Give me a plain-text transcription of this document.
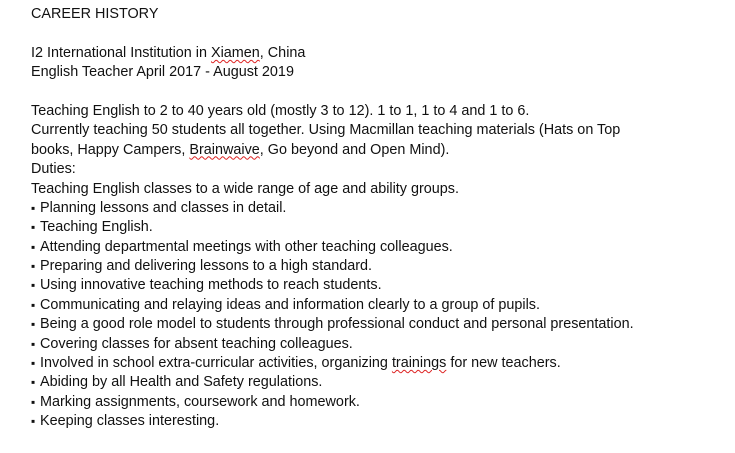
CAREER HISTORY
I2 International Institution in Xiamen, China
English Teacher April 2017 - August 2019
Teaching English to 2 to 40 years old (mostly 3 to 12). 1 to 1, 1 to 4 and 1 to 6.
Currently teaching 50 students all together. Using Macmillan teaching materials (Hats on Top
books, Happy Campers, Brainwaive, Go beyond and Open Mind).
Duties:
Teaching English classes to a wide range of age and ability groups.
▪ Planning lessons and classes in detail.
▪ Teaching English.
▪ Attending departmental meetings with other teaching colleagues.
▪ Preparing and delivering lessons to a high standard.
▪ Using innovative teaching methods to reach students.
▪ Communicating and relaying ideas and information clearly to a group of pupils.
▪ Being a good role model to students through professional conduct and personal presentation.
▪ Covering classes for absent teaching colleagues.
▪ Involved in school extra-curricular activities, organizing trainings for new teachers.
▪ Abiding by all Health and Safety regulations.
▪ Marking assignments, coursework and homework.
▪ Keeping classes interesting.
